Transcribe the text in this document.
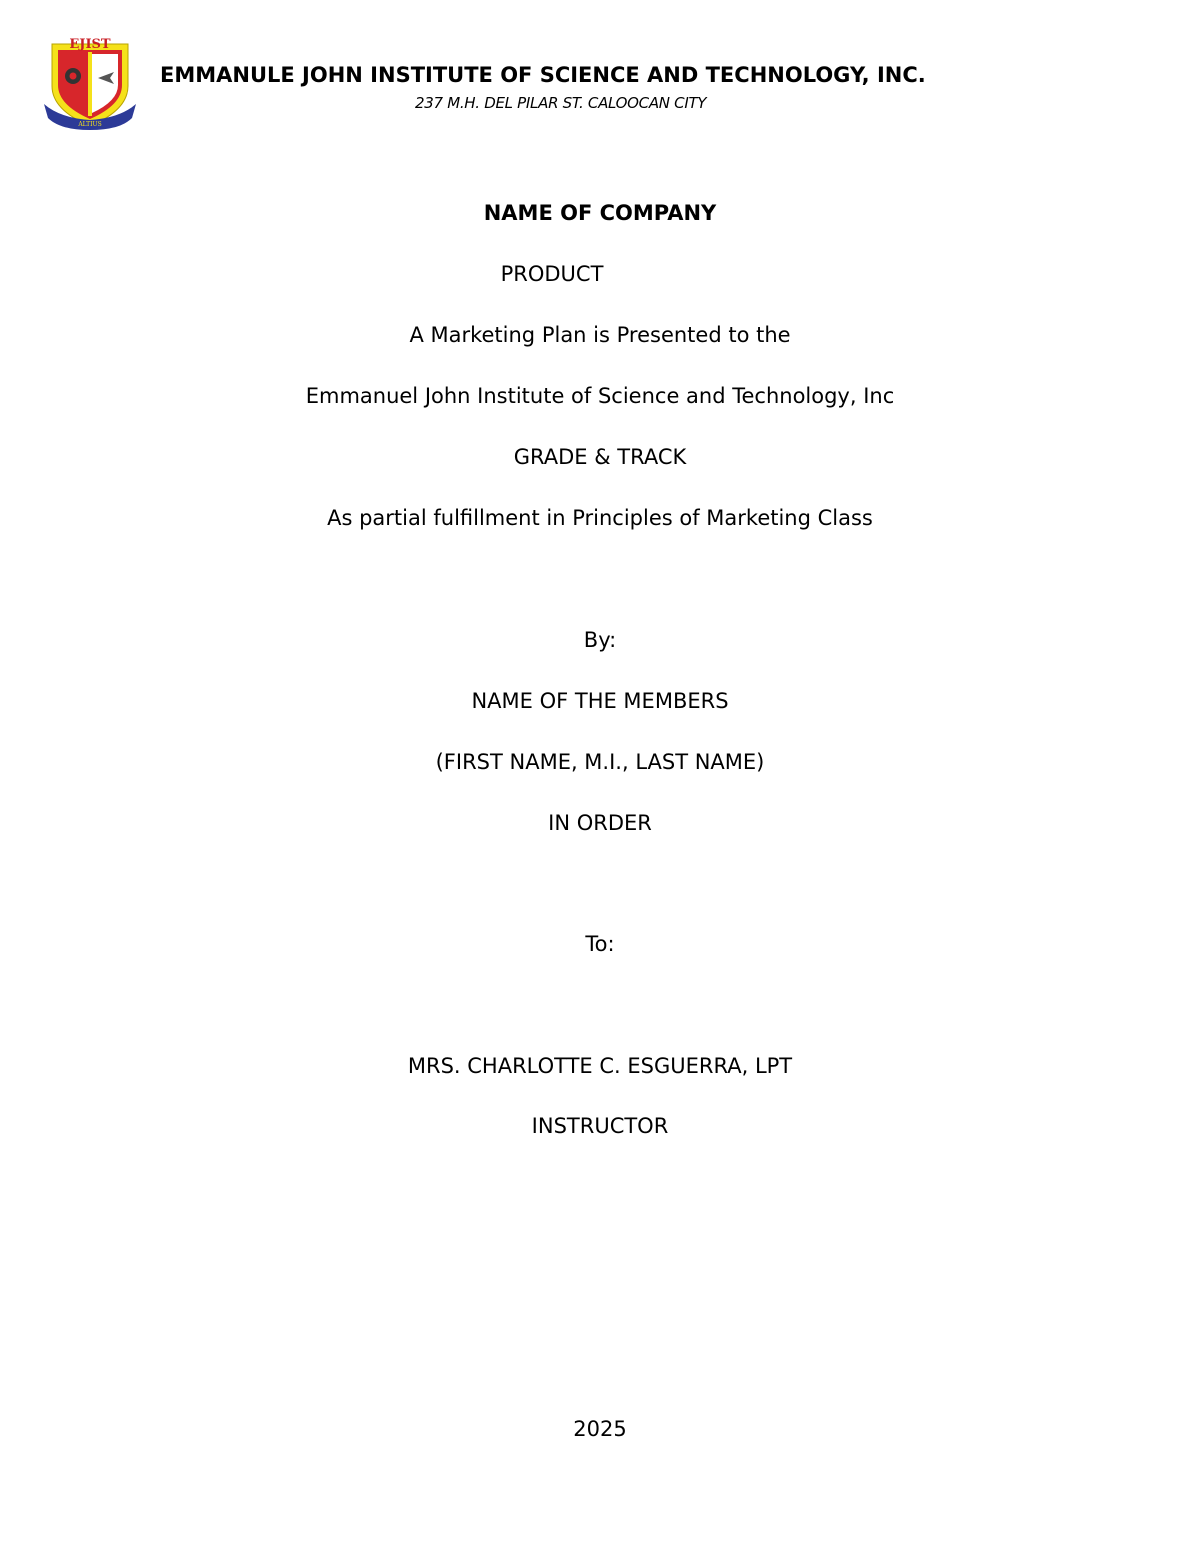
EJIST
ALTIUS
EMMANULE JOHN INSTITUTE OF SCIENCE AND TECHNOLOGY, INC.
237 M.H. DEL PILAR ST. CALOOCAN CITY
NAME OF COMPANY
PRODUCT
A Marketing Plan is Presented to the
Emmanuel John Institute of Science and Technology, Inc
GRADE & TRACK
As partial fulfillment in Principles of Marketing Class
By:
NAME OF THE MEMBERS
(FIRST NAME, M.I., LAST NAME)
IN ORDER
To:
MRS. CHARLOTTE C. ESGUERRA, LPT
INSTRUCTOR
2025
